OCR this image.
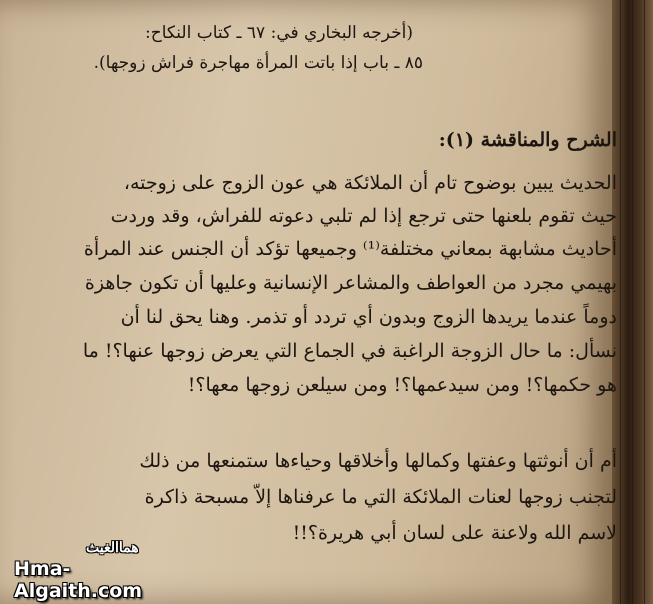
(أخرجه البخاري في: ٦٧ ـ كتاب النكاح:
٨٥ ـ باب إذا باتت المرأة مهاجرة فراش زوجها).
الشرح والمناقشة (١):
الحديث يبين بوضوح تام أن الملائكة هي عون الزوج على زوجته،
حيث تقوم بلعنها حتى ترجع إذا لم تلبي دعوته للفراش، وقد وردت
أحاديث مشابهة بمعاني مختلفة⁽¹⁾ وجميعها تؤكد أن الجنس عند المرأة
بهيمي مجرد من العواطف والمشاعر الإنسانية وعليها أن تكون جاهزة
دوماً عندما يريدها الزوج وبدون أي تردد أو تذمر. وهنا يحق لنا أن
نسأل: ما حال الزوجة الراغبة في الجماع التي يعرض زوجها عنها؟! ما
هو حكمها؟! ومن سيدعمها؟! ومن سيلعن زوجها معها؟!
أم أن أنوثتها وعفتها وكمالها وأخلاقها وحياءها ستمنعها من ذلك
لتجنب زوجها لعنات الملائكة التي ما عرفناها إلاّ مسبحة ذاكرة
لاسم الله ولاعنة على لسان أبي هريرة؟!!
هماالغيث
Hma-Algaith.com
